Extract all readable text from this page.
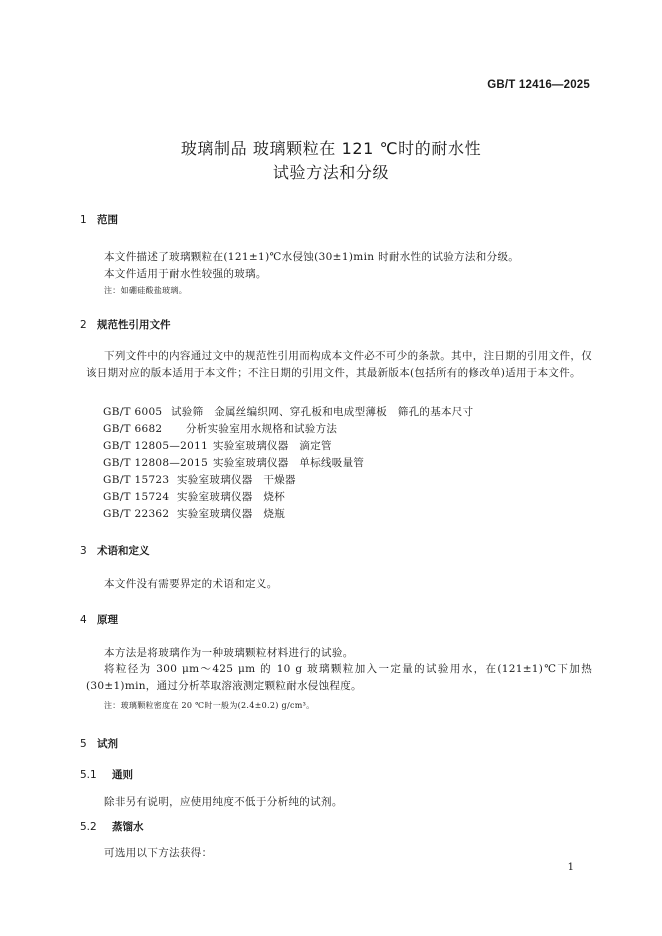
GB/T 12416—2025
玻璃制品 玻璃颗粒在 121 ℃时的耐水性
试验方法和分级
1 范围
本文件描述了玻璃颗粒在(121±1)℃水侵蚀(30±1)min 时耐水性的试验方法和分级。
本文件适用于耐水性较强的玻璃。
注：如硼硅酸盐玻璃。
2 规范性引用文件
下列文件中的内容通过文中的规范性引用而构成本文件必不可少的条款。其中，注日期的引用文件，仅该日期对应的版本适用于本文件；不注日期的引用文件，其最新版本(包括所有的修改单)适用于本文件。
GB/T 6005 试验筛　金属丝编织网、穿孔板和电成型薄板　筛孔的基本尺寸
GB/T 6682 分析实验室用水规格和试验方法
GB/T 12805—2011 实验室玻璃仪器　滴定管
GB/T 12808—2015 实验室玻璃仪器　单标线吸量管
GB/T 15723 实验室玻璃仪器　干燥器
GB/T 15724 实验室玻璃仪器　烧杯
GB/T 22362 实验室玻璃仪器　烧瓶
3 术语和定义
本文件没有需要界定的术语和定义。
4 原理
本方法是将玻璃作为一种玻璃颗粒材料进行的试验。
将粒径为 300 μm～425 μm 的 10 g 玻璃颗粒加入一定量的试验用水，在(121±1)℃下加热(30±1)min，通过分析萃取溶液测定颗粒耐水侵蚀程度。
注：玻璃颗粒密度在 20 ℃时一般为(2.4±0.2) g/cm³。
5 试剂
5.1 通则
除非另有说明，应使用纯度不低于分析纯的试剂。
5.2 蒸馏水
可选用以下方法获得：
1
